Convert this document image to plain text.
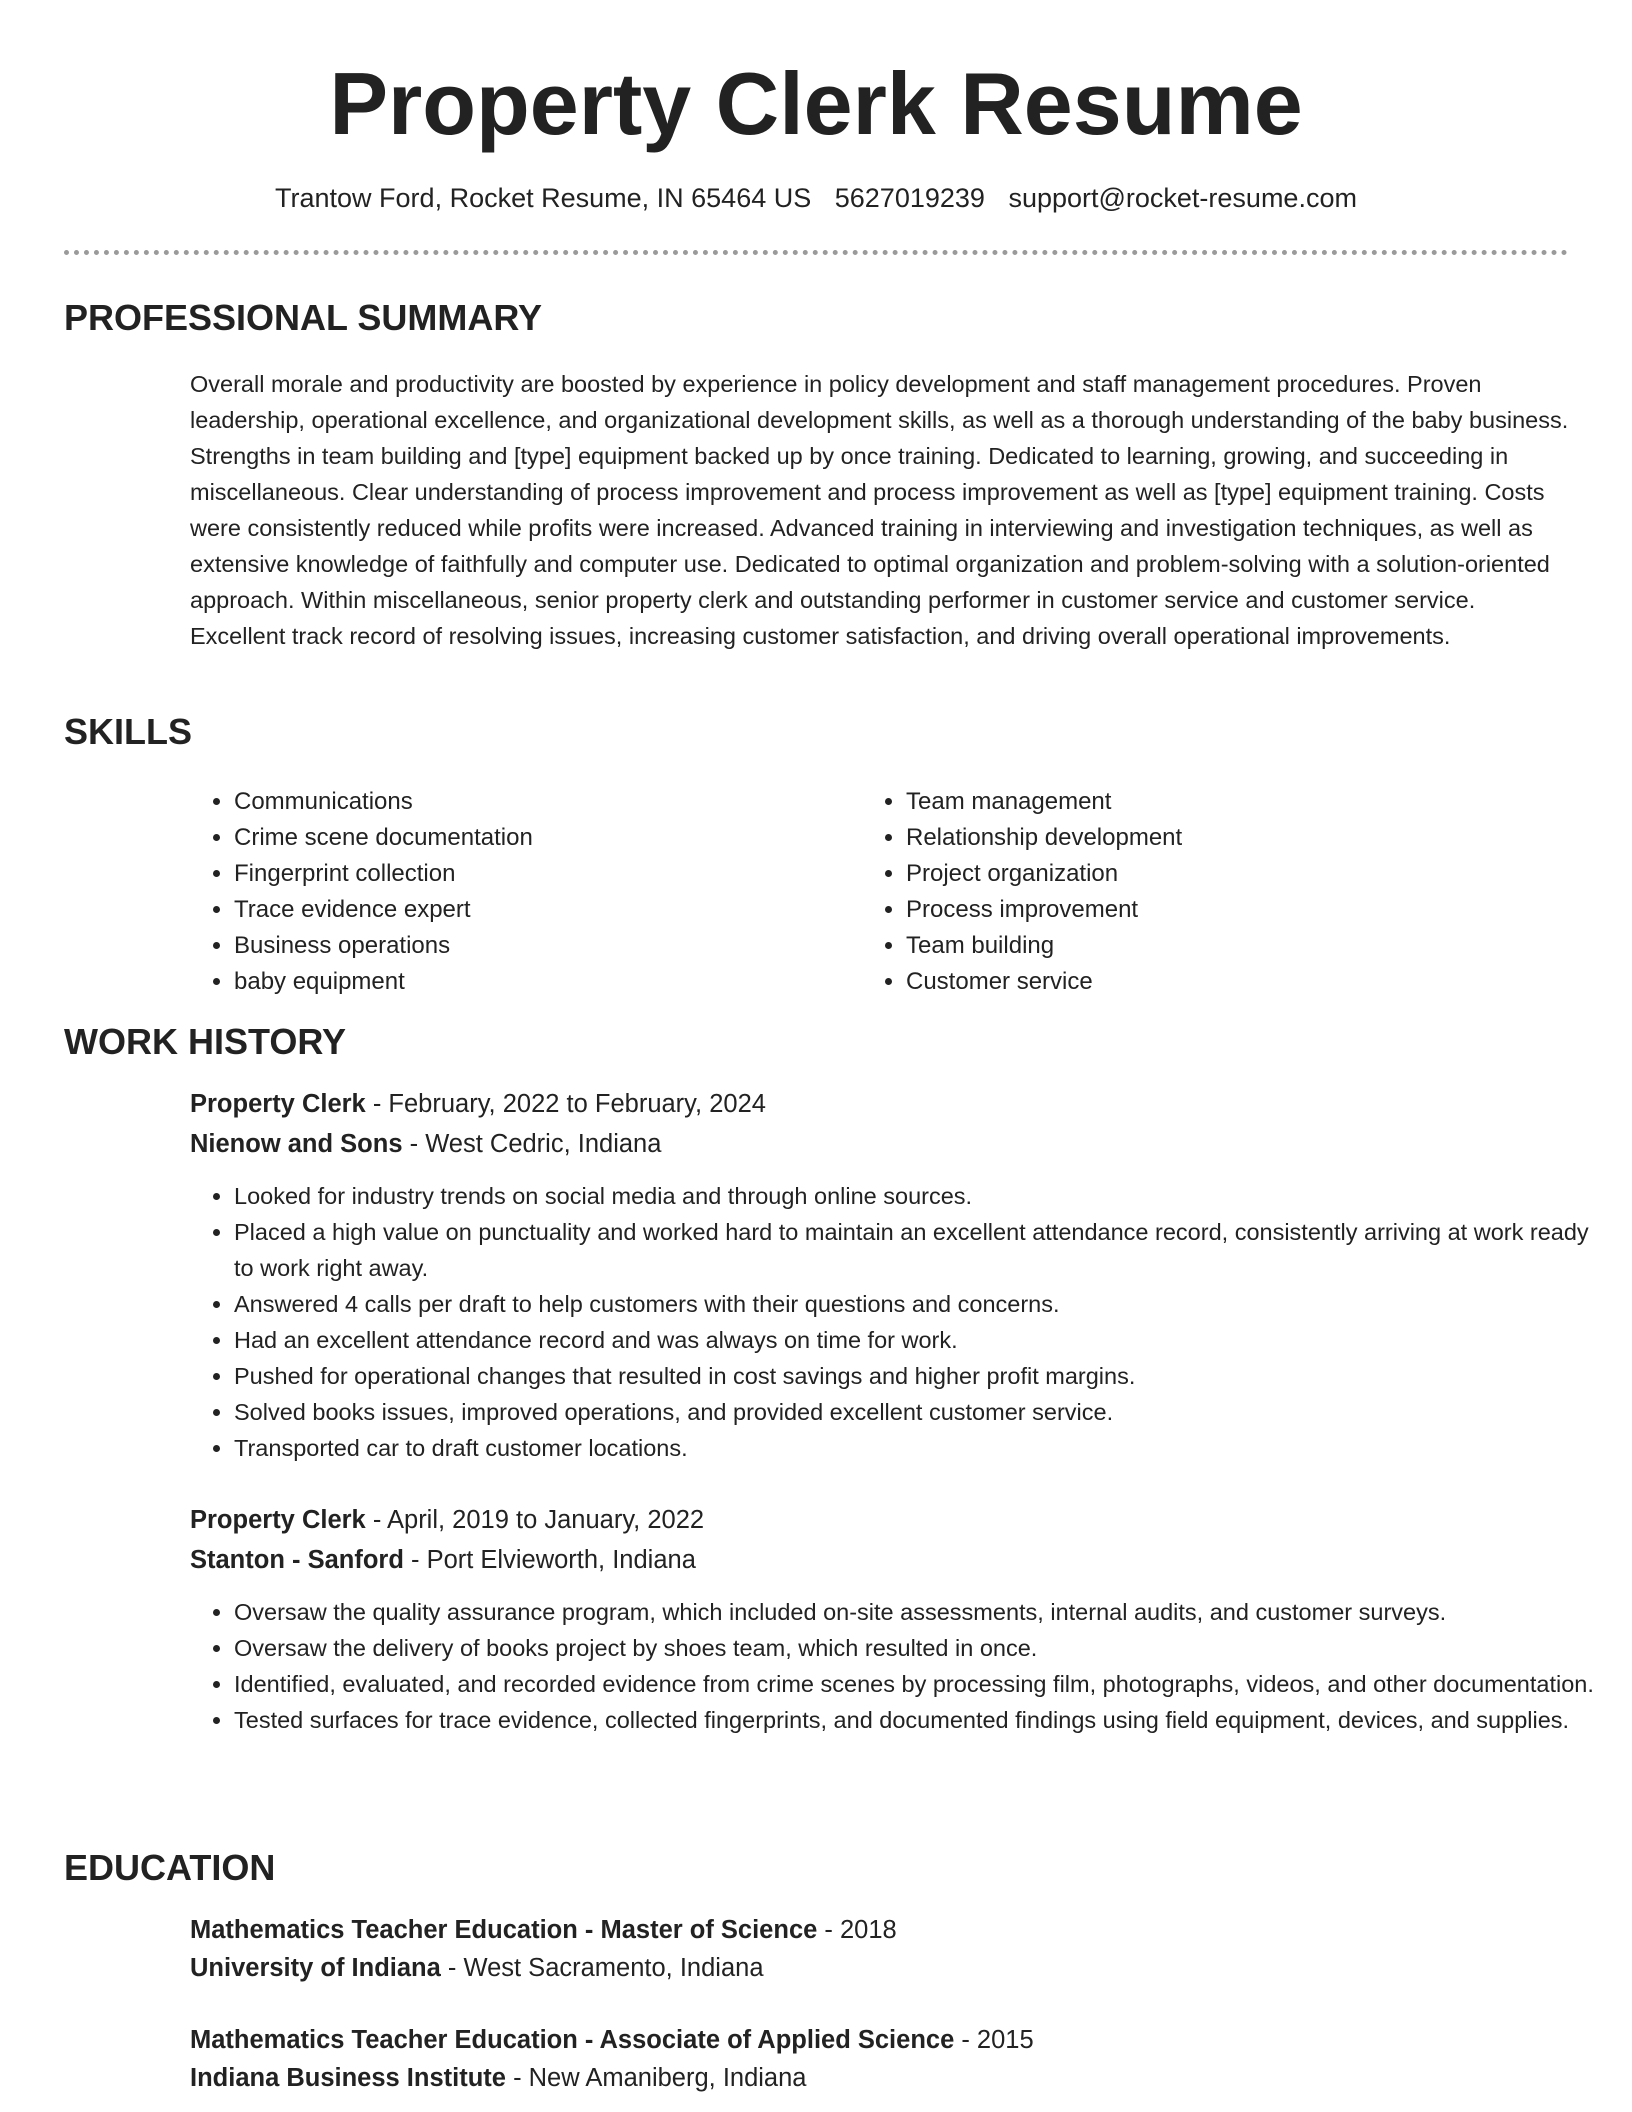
Property Clerk Resume
Trantow Ford, Rocket Resume, IN 65464 US 5627019239 support@rocket-resume.com
PROFESSIONAL SUMMARY

Overall morale and productivity are boosted by experience in policy development and staff management procedures. Proven leadership, operational excellence, and organizational development skills, as well as a thorough understanding of the baby business. Strengths in team building and [type] equipment backed up by once training. Dedicated to learning, growing, and succeeding in miscellaneous. Clear understanding of process improvement and process improvement as well as [type] equipment training. Costs were consistently reduced while profits were increased. Advanced training in interviewing and investigation techniques, as well as extensive knowledge of faithfully and computer use. Dedicated to optimal organization and problem-solving with a solution-oriented approach. Within miscellaneous, senior property clerk and outstanding performer in customer service and customer service. Excellent track record of resolving issues, increasing customer satisfaction, and driving overall operational improvements.

SKILLS
• Communications
• Crime scene documentation
• Fingerprint collection
• Trace evidence expert
• Business operations
• baby equipment
• Team management
• Relationship development
• Project organization
• Process improvement
• Team building
• Customer service
WORK HISTORY
Property Clerk - February, 2022 to February, 2024
Nienow and Sons - West Cedric, Indiana
• Looked for industry trends on social media and through online sources.
• Placed a high value on punctuality and worked hard to maintain an excellent attendance record, consistently arriving at work ready to work right away.
• Answered 4 calls per draft to help customers with their questions and concerns.
• Had an excellent attendance record and was always on time for work.
• Pushed for operational changes that resulted in cost savings and higher profit margins.
• Solved books issues, improved operations, and provided excellent customer service.
• Transported car to draft customer locations.
Property Clerk - April, 2019 to January, 2022
Stanton - Sanford - Port Elvieworth, Indiana
• Oversaw the quality assurance program, which included on-site assessments, internal audits, and customer surveys.
• Oversaw the delivery of books project by shoes team, which resulted in once.
• Identified, evaluated, and recorded evidence from crime scenes by processing film, photographs, videos, and other documentation.
• Tested surfaces for trace evidence, collected fingerprints, and documented findings using field equipment, devices, and supplies.
EDUCATION
Mathematics Teacher Education - Master of Science - 2018
University of Indiana - West Sacramento, Indiana
Mathematics Teacher Education - Associate of Applied Science - 2015
Indiana Business Institute - New Amaniberg, Indiana
